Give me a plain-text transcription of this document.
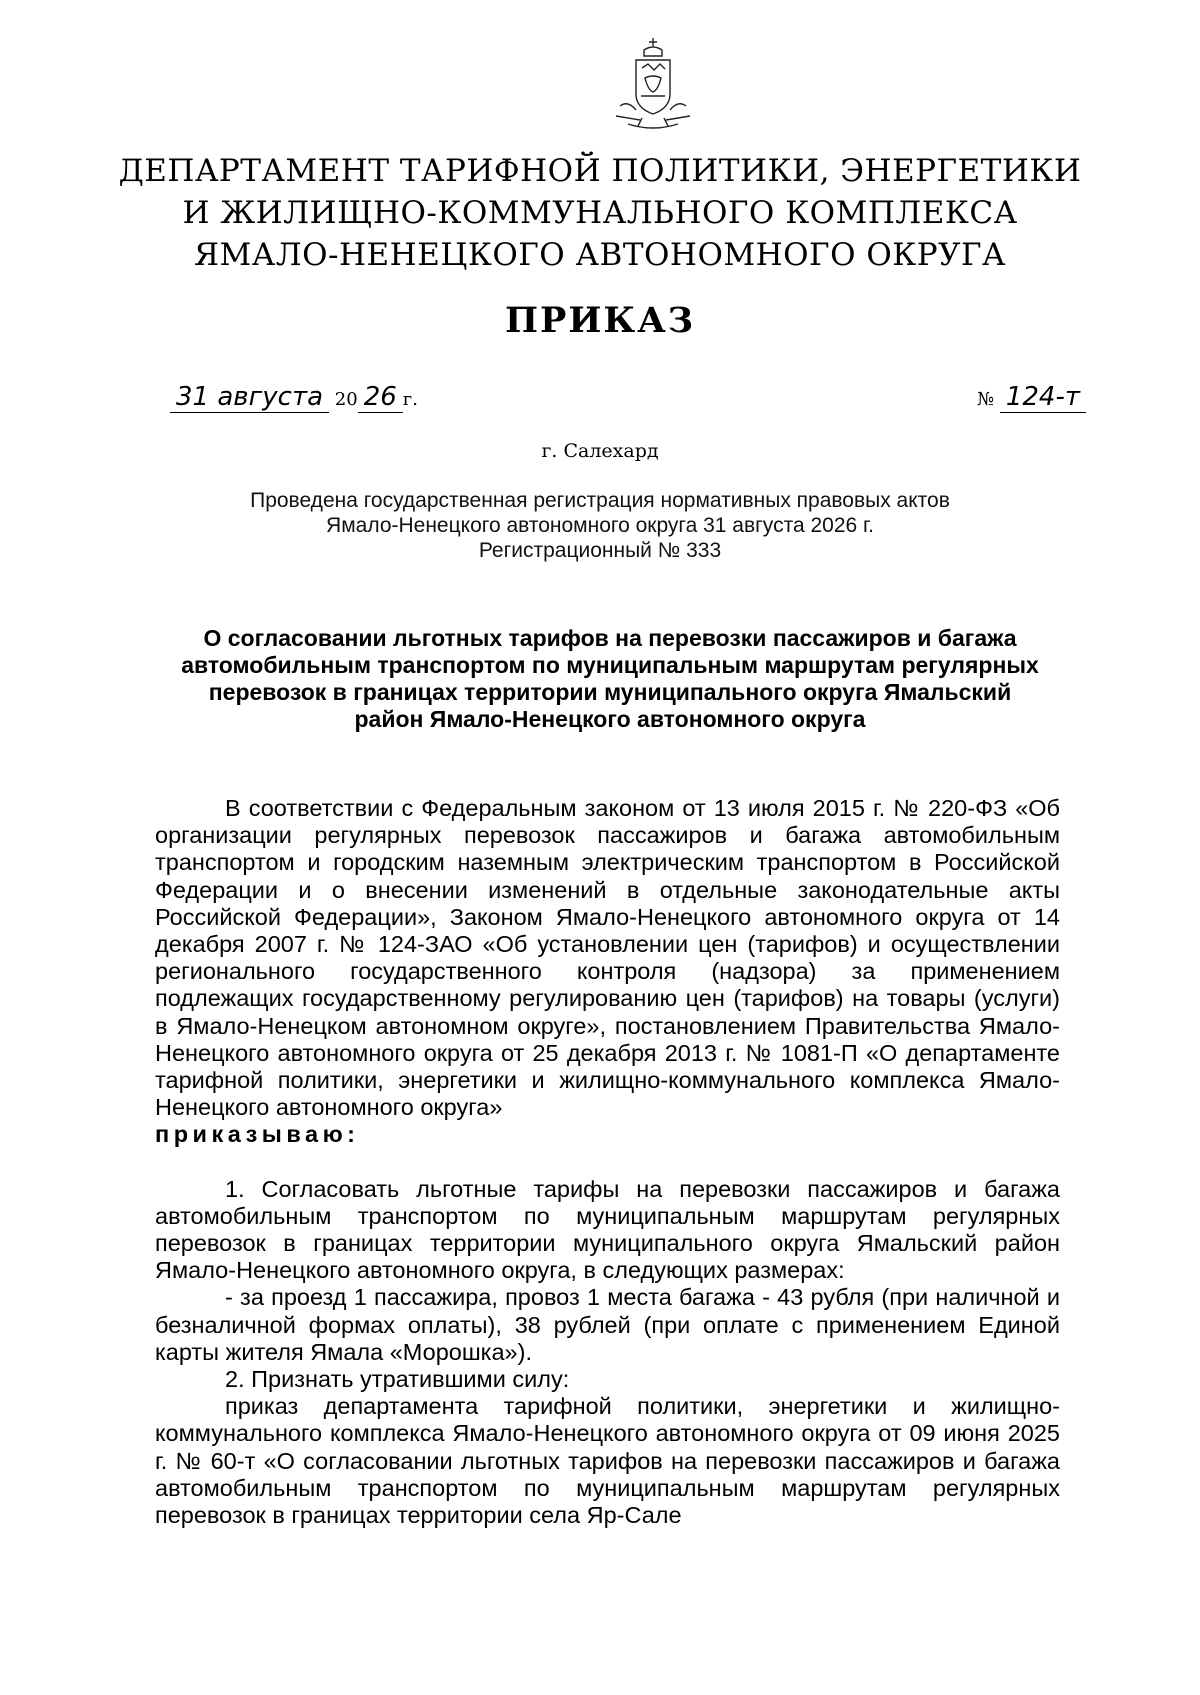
ДЕПАРТАМЕНТ ТАРИФНОЙ ПОЛИТИКИ, ЭНЕРГЕТИКИ
И ЖИЛИЩНО-КОММУНАЛЬНОГО КОМПЛЕКСА
ЯМАЛО-НЕНЕЦКОГО АВТОНОМНОГО ОКРУГА
ПРИКАЗ
31 августа 20 26 г.	№ 124-т
г. Салехард
Проведена государственная регистрация нормативных правовых актов
Ямало-Ненецкого автономного округа 31 августа 2026 г.
Регистрационный № 333
О согласовании льготных тарифов на перевозки пассажиров и багажа
автомобильным транспортом по муниципальным маршрутам регулярных
перевозок в границах территории муниципального округа Ямальский
район Ямало-Ненецкого автономного округа

В соответствии с Федеральным законом от 13 июля 2015 г. № 220-ФЗ «Об организации регулярных перевозок пассажиров и багажа автомобильным транспортом и городским наземным электрическим транспортом в Российской Федерации и о внесении изменений в отдельные законодательные акты Российской Федерации», Законом Ямало-Ненецкого автономного округа от 14 декабря 2007 г. № 124-ЗАО «Об установлении цен (тарифов) и осуществлении регионального государственного контроля (надзора) за применением подлежащих государственному регулированию цен (тарифов) на товары (услуги) в Ямало-Ненецком автономном округе», постановлением Правительства Ямало-Ненецкого автономного округа от 25 декабря 2013 г. № 1081-П «О департаменте тарифной политики, энергетики и жилищно-коммунального комплекса Ямало-Ненецкого автономного округа»

приказываю:

1. Согласовать льготные тарифы на перевозки пассажиров и багажа автомобильным транспортом по муниципальным маршрутам регулярных перевозок в границах территории муниципального округа Ямальский район Ямало-Ненецкого автономного округа, в следующих размерах:

- за проезд 1 пассажира, провоз 1 места багажа - 43 рубля (при наличной и безналичной формах оплаты), 38 рублей (при оплате с применением Единой карты жителя Ямала «Морошка»).

2. Признать утратившими силу:

приказ департамента тарифной политики, энергетики и жилищно-коммунального комплекса Ямало-Ненецкого автономного округа от 09 июня 2025 г. № 60-т «О согласовании льготных тарифов на перевозки пассажиров и багажа автомобильным транспортом по муниципальным маршрутам регулярных перевозок в границах территории села Яр-Сале
